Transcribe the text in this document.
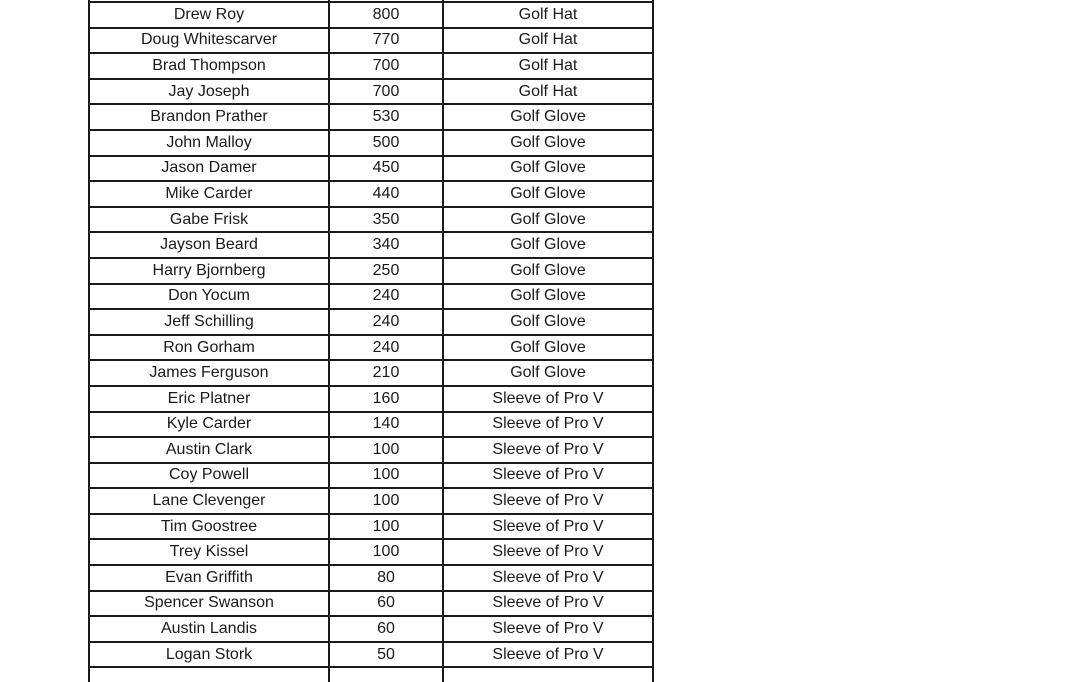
Drew Roy	800	Golf Hat
Doug Whitescarver	770	Golf Hat
Brad Thompson	700	Golf Hat
Jay Joseph	700	Golf Hat
Brandon Prather	530	Golf Glove
John Malloy	500	Golf Glove
Jason Damer	450	Golf Glove
Mike Carder	440	Golf Glove
Gabe Frisk	350	Golf Glove
Jayson Beard	340	Golf Glove
Harry Bjornberg	250	Golf Glove
Don Yocum	240	Golf Glove
Jeff Schilling	240	Golf Glove
Ron Gorham	240	Golf Glove
James Ferguson	210	Golf Glove
Eric Platner	160	Sleeve of Pro V
Kyle Carder	140	Sleeve of Pro V
Austin Clark	100	Sleeve of Pro V
Coy Powell	100	Sleeve of Pro V
Lane Clevenger	100	Sleeve of Pro V
Tim Goostree	100	Sleeve of Pro V
Trey Kissel	100	Sleeve of Pro V
Evan Griffith	80	Sleeve of Pro V
Spencer Swanson	60	Sleeve of Pro V
Austin Landis	60	Sleeve of Pro V
Logan Stork	50	Sleeve of Pro V
